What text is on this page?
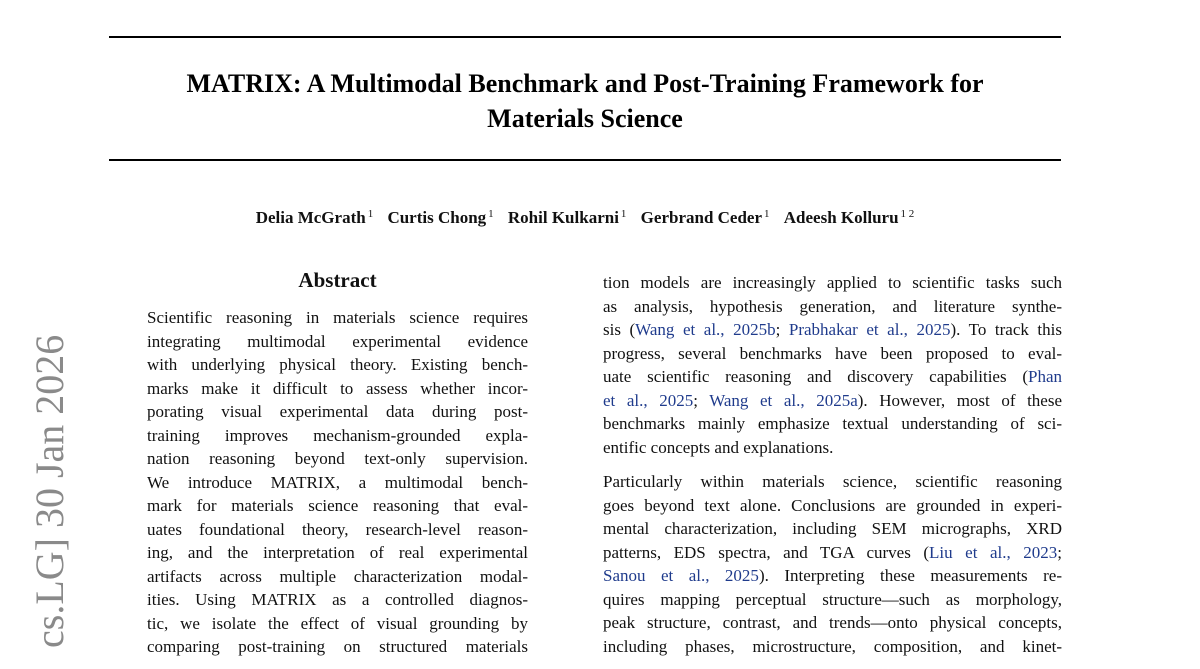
cs.LG] 30 Jan 2026
MATRIX: A Multimodal Benchmark and Post-Training Framework for
Materials Science
Delia McGrath $^1$ Curtis Chong $^1$ Rohil Kulkarni $^1$ Gerbrand Ceder $^1$ Adeesh Kolluru $^{1 2}$
Abstract
Scientific reasoning in materials science requires
integrating multimodal experimental evidence
with underlying physical theory. Existing bench-
marks make it difficult to assess whether incor-
porating visual experimental data during post-
training improves mechanism-grounded expla-
nation reasoning beyond text-only supervision.
We introduce MATRIX, a multimodal bench-
mark for materials science reasoning that eval-
uates foundational theory, research-level reason-
ing, and the interpretation of real experimental
artifacts across multiple characterization modal-
ities. Using MATRIX as a controlled diagnos-
tic, we isolate the effect of visual grounding by
comparing post-training on structured materials
tion models are increasingly applied to scientific tasks such
as analysis, hypothesis generation, and literature synthe-
sis (Wang et al., 2025b; Prabhakar et al., 2025). To track this
progress, several benchmarks have been proposed to eval-
uate scientific reasoning and discovery capabilities (Phan
et al., 2025; Wang et al., 2025a). However, most of these
benchmarks mainly emphasize textual understanding of sci-
entific concepts and explanations.
Particularly within materials science, scientific reasoning
goes beyond text alone. Conclusions are grounded in experi-
mental characterization, including SEM micrographs, XRD
patterns, EDS spectra, and TGA curves (Liu et al., 2023;
Sanou et al., 2025). Interpreting these measurements re-
quires mapping perceptual structure—such as morphology,
peak structure, contrast, and trends—onto physical concepts,
including phases, microstructure, composition, and kinet-
